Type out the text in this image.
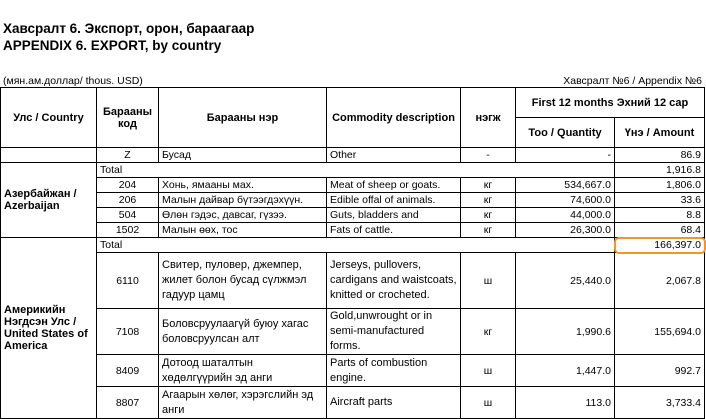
Хавсралт 6. Экспорт, орон, бараагаар
APPENDIX 6. EXPORT, by country
(мян.ам.доллар/ thous. USD)	Хавсралт №6 / Appendix №6
Улс / Country	Барааны код	Барааны нэр	Commodity description	нэгж	First 12 months Эхний 12 сар	
					Тоо / Quantity	Үнэ / Amount
	Z	Бусад	Other	-	-	86.9
Азербайжан / Azerbaijan	Total					1,916.8
	204	Хонь, ямааны мах.	Meat of sheep or goats.	кг	534,667.0	1,806.0
	206	Малын дайвар бүтээгдэхүүн.	Edible offal of animals.	кг	74,600.0	33.6
	504	Өлөн гэдэс, давсаг, гүзээ.	Guts, bladders and	кг	44,000.0	8.8
	1502	Малын өөх, тос	Fats of cattle.	кг	26,300.0	68.4
Америкийн Нэгдсэн Улс / United States of America	Total					166,397.0
	6110	Свитер, пуловер, джемпер, жилет болон бусад сүлжмэл гадуур цамц	Jerseys, pullovers, cardigans and waistcoats, knitted or crocheted.	ш	25,440.0	2,067.8
	7108	Боловсруулаагүй буюу хагас боловсруулсан алт	Gold,unwrought or in semi-manufactured forms.	кг	1,990.6	155,694.0
	8409	Дотоод шаталтын хөдөлгүүрийн эд анги	Parts of combustion engine.	ш	1,447.0	992.7
	8807	Агаарын хөлөг, хэрэгслийн эд анги	Aircraft parts	ш	113.0	3,733.4
